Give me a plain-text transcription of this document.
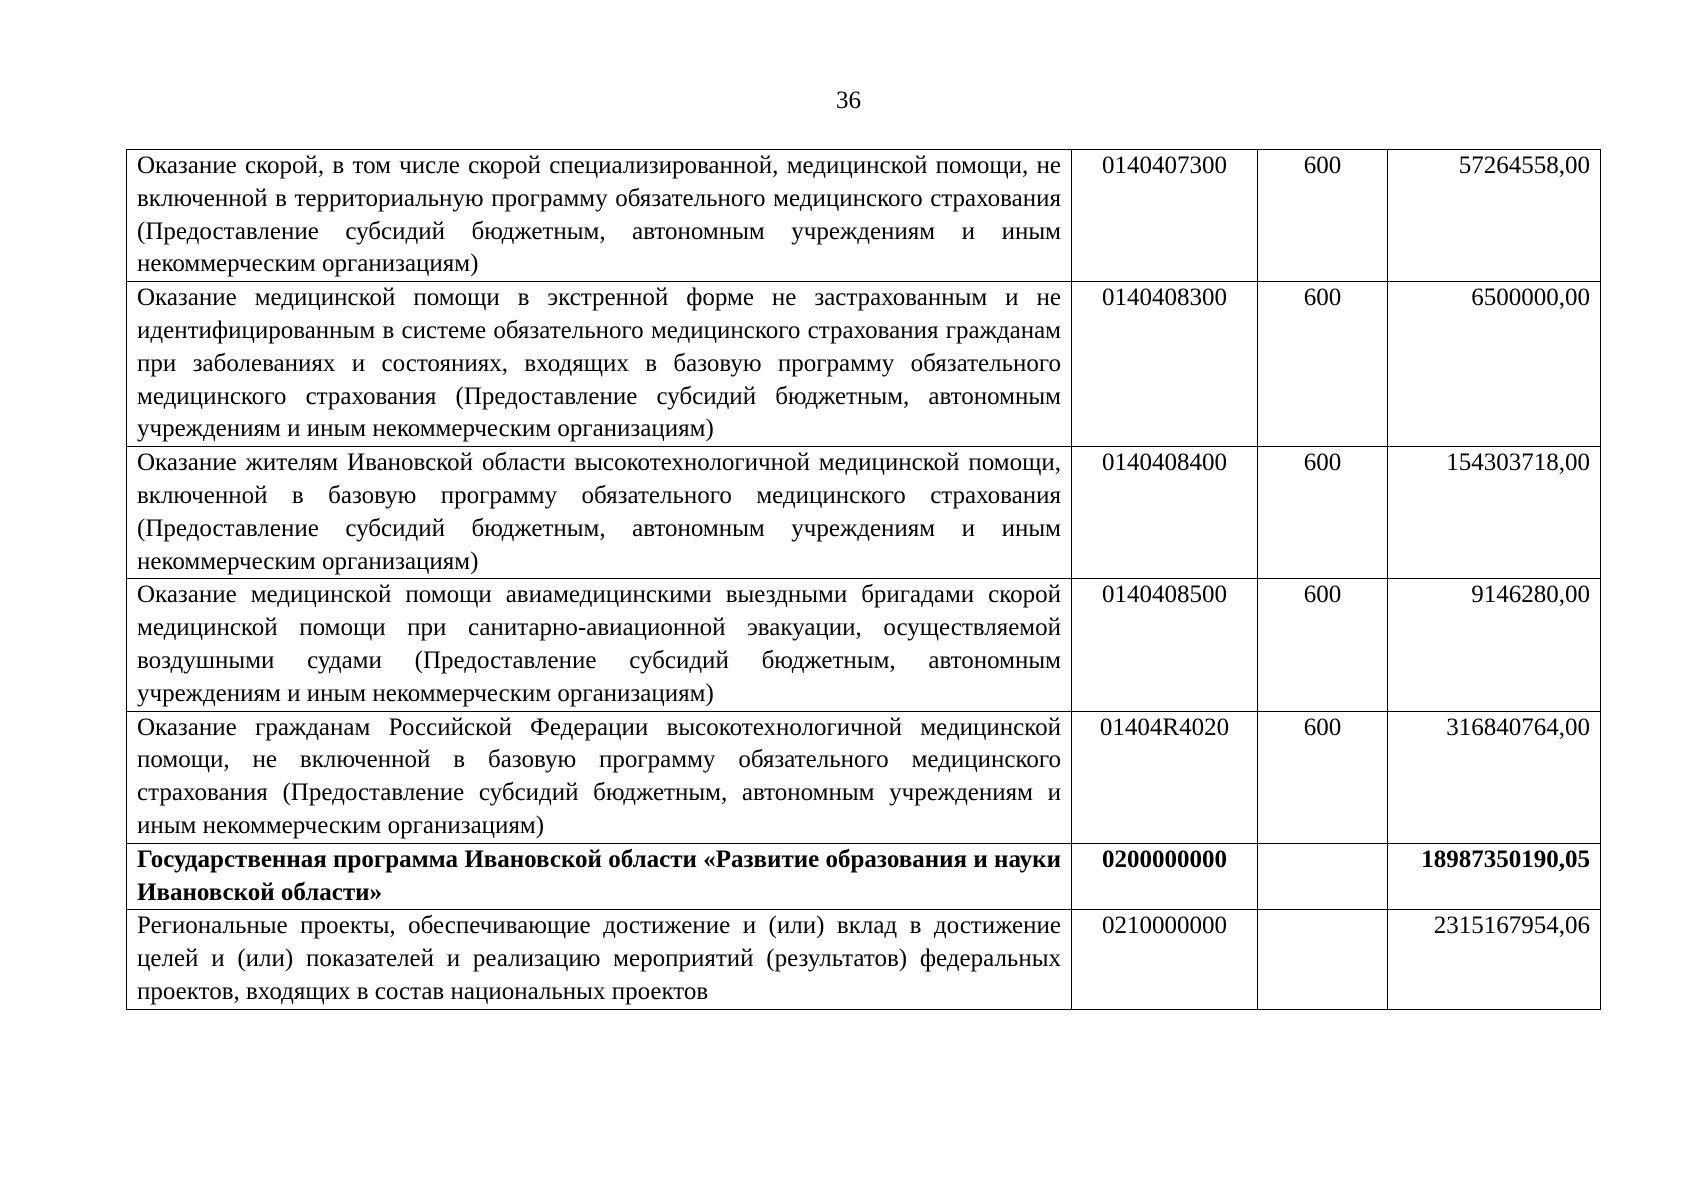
36
Оказание скорой, в том числе скорой специализированной, медицинской помощи, не включенной в территориальную программу обязательного медицинского страхования (Предоставление субсидий бюджетным, автономным учреждениям и иным некоммерческим организациям)	0140407300	600	57264558,00
Оказание медицинской помощи в экстренной форме не застрахованным и не идентифицированным в системе обязательного медицинского страхования гражданам при заболеваниях и состояниях, входящих в базовую программу обязательного медицинского страхования (Предоставление субсидий бюджетным, автономным учреждениям и иным некоммерческим организациям)	0140408300	600	6500000,00
Оказание жителям Ивановской области высокотехнологичной медицинской помощи, включенной в базовую программу обязательного медицинского страхования (Предоставление субсидий бюджетным, автономным учреждениям и иным некоммерческим организациям)	0140408400	600	154303718,00
Оказание медицинской помощи авиамедицинскими выездными бригадами скорой медицинской помощи при санитарно-авиационной эвакуации, осуществляемой воздушными судами (Предоставление субсидий бюджетным, автономным учреждениям и иным некоммерческим организациям)	0140408500	600	9146280,00
Оказание гражданам Российской Федерации высокотехнологичной медицинской помощи, не включенной в базовую программу обязательного медицинского страхования (Предоставление субсидий бюджетным, автономным учреждениям и иным некоммерческим организациям)	01404R4020	600	316840764,00
Государственная программа Ивановской области «Развитие образования и науки Ивановской области»	0200000000		18987350190,05
Региональные проекты, обеспечивающие достижение и (или) вклад в достижение целей и (или) показателей и реализацию мероприятий (результатов) федеральных проектов, входящих в состав национальных проектов	0210000000		2315167954,06
